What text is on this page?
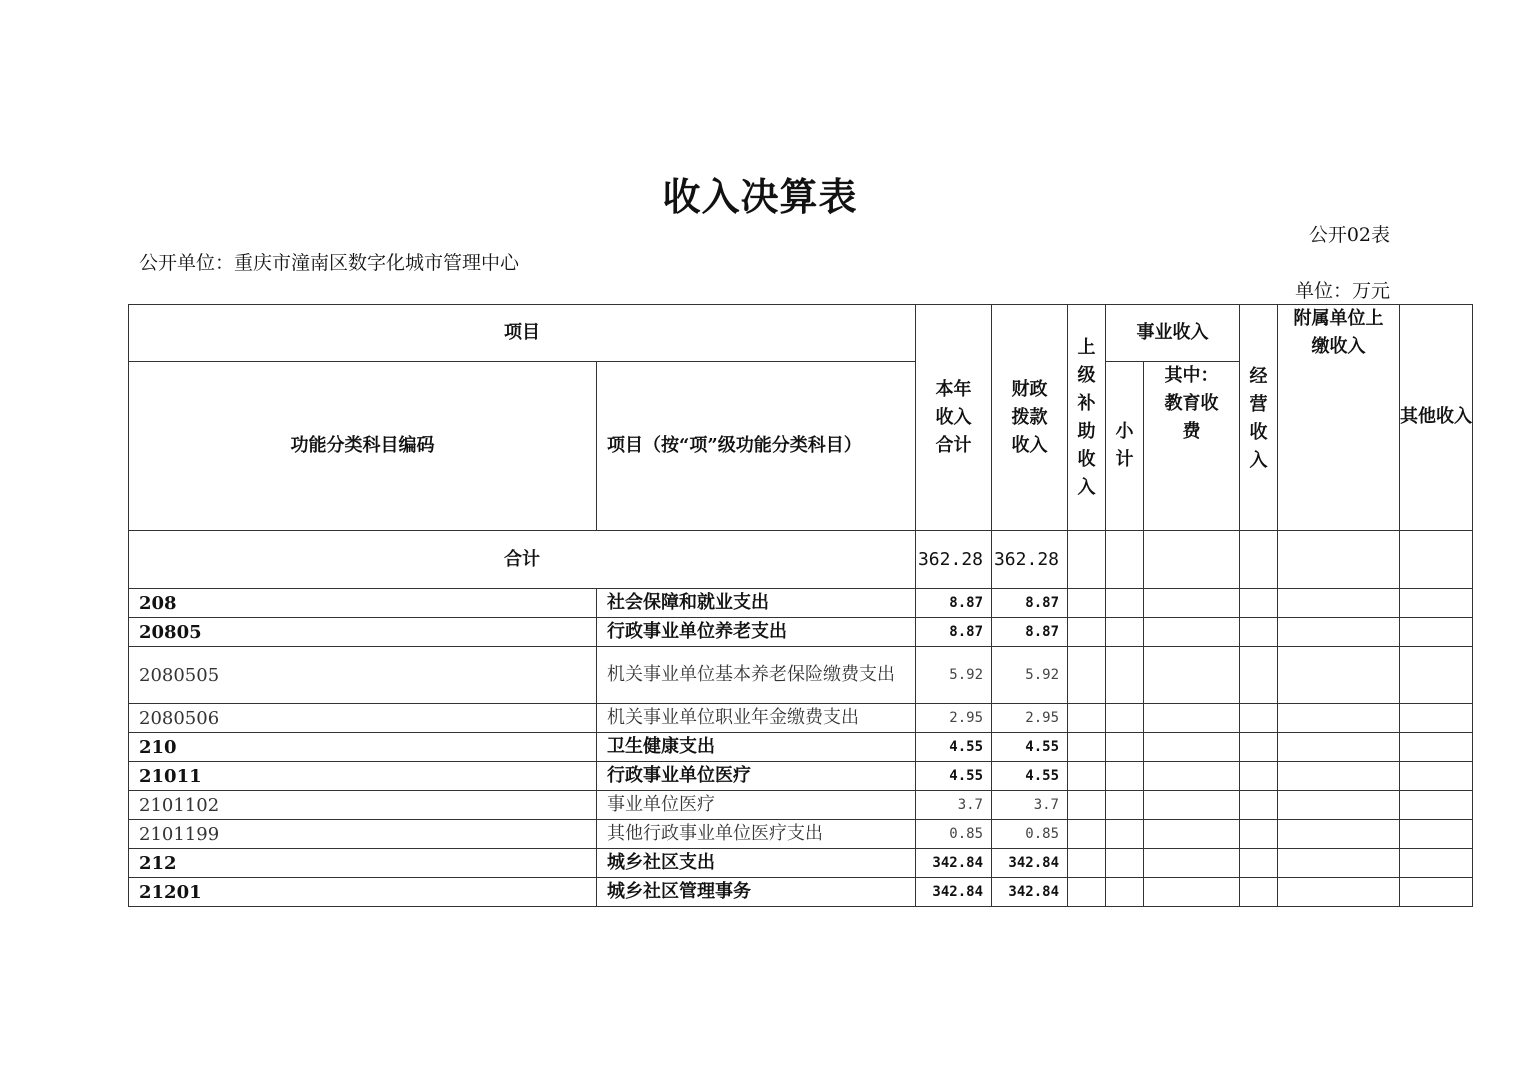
收入决算表
公开02表
公开单位：重庆市潼南区数字化城市管理中心
单位：万元
项目		本年收入合计	财政拨款收入	上级补助收入	事业收入		经营收入	附属单位上缴收入	其他收入
功能分类科目编码	项目（按“项”级功能分类科目）				小计	其中：教育收费			
合计		362.28	362.28						
208	社会保障和就业支出	8.87	8.87						
20805	行政事业单位养老支出	8.87	8.87						
2080505	机关事业单位基本养老保险缴费支出	5.92	5.92						
2080506	机关事业单位职业年金缴费支出	2.95	2.95						
210	卫生健康支出	4.55	4.55						
21011	行政事业单位医疗	4.55	4.55						
2101102	事业单位医疗	3.7	3.7						
2101199	其他行政事业单位医疗支出	0.85	0.85						
212	城乡社区支出	342.84	342.84						
21201	城乡社区管理事务	342.84	342.84						
